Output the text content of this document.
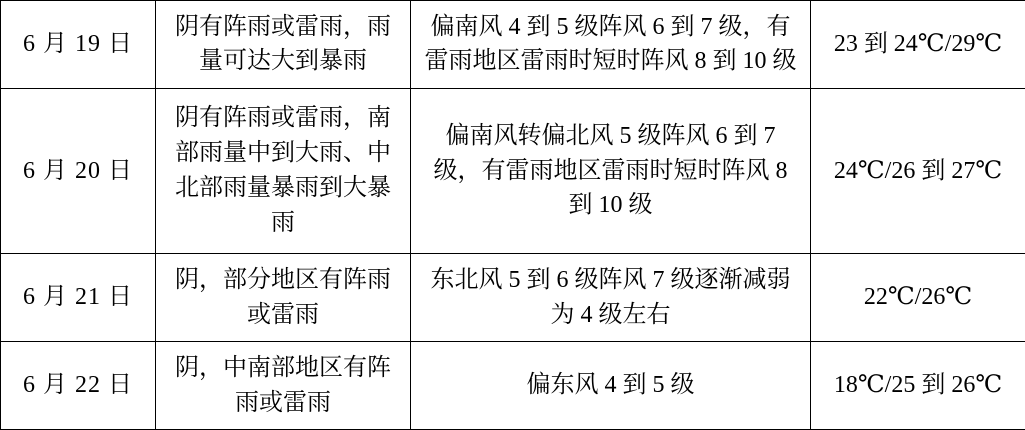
6 月 19 日	阴有阵雨或雷雨，雨量可达大到暴雨	偏南风 4 到 5 级阵风 6 到 7 级，有雷雨地区雷雨时短时阵风 8 到 10 级	23 到 24℃/29℃
6 月 20 日	阴有阵雨或雷雨，南部雨量中到大雨、中北部雨量暴雨到大暴雨	偏南风转偏北风 5 级阵风 6 到 7 级，有雷雨地区雷雨时短时阵风 8 到 10 级	24℃/26 到 27℃
6 月 21 日	阴，部分地区有阵雨或雷雨	东北风 5 到 6 级阵风 7 级逐渐减弱为 4 级左右	22℃/26℃
6 月 22 日	阴，中南部地区有阵雨或雷雨	偏东风 4 到 5 级	18℃/25 到 26℃
